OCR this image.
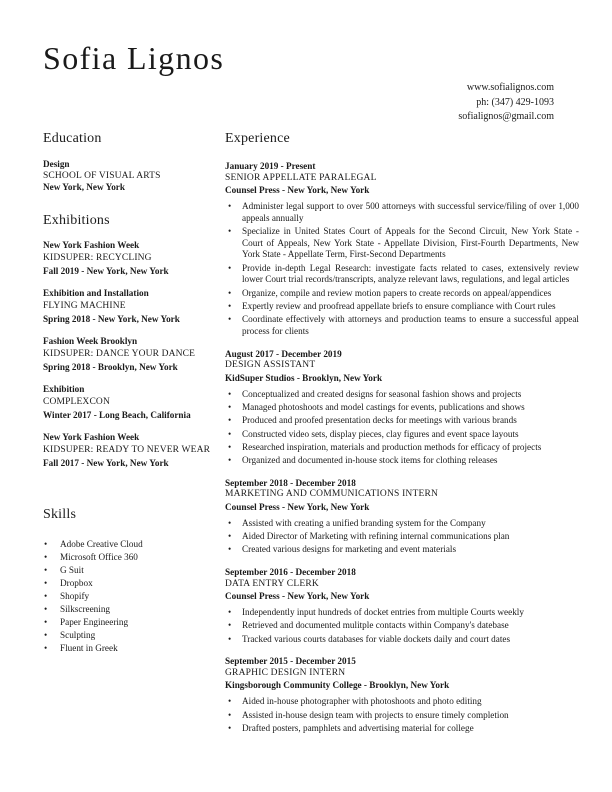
Sofia Lignos
www.sofialignos.com
ph: (347) 429-1093
sofialignos@gmail.com
Education
Design
SCHOOL OF VISUAL ARTS
New York, New York
Exhibitions
New York Fashion Week
KIDSUPER: RECYCLING
Fall 2019 - New York, New York
Exhibition and Installation
FLYING MACHINE
Spring 2018 - New York, New York
Fashion Week Brooklyn
KIDSUPER: DANCE YOUR DANCE
Spring 2018 - Brooklyn, New York
Exhibition
COMPLEXCON
Winter 2017 - Long Beach, California
New York Fashion Week
KIDSUPER: READY TO NEVER WEAR
Fall 2017 - New York, New York
Skills
• Adobe Creative Cloud
• Microsoft Office 360
• G Suit
• Dropbox
• Shopify
• Silkscreening
• Paper Engineering
• Sculpting
• Fluent in Greek
Experience
January 2019 - Present
SENIOR APPELLATE PARALEGAL
Counsel Press - New York, New York
• Administer legal support to over 500 attorneys with successful service/filing of over 1,000 appeals annually
• Specialize in United States Court of Appeals for the Second Circuit, New York State - Court of Appeals, New York State - Appellate Division, First-Fourth Departments, New York State - Appellate Term, First-Second Departments
• Provide in-depth Legal Research: investigate facts related to cases, extensively review lower Court trial records/transcripts, analyze relevant laws, regulations, and legal articles
• Organize, compile and review motion papers to create records on appeal/appendices
• Expertly review and proofread appellate briefs to ensure compliance with Court rules
• Coordinate effectively with attorneys and production teams to ensure a successful appeal process for clients
August 2017 - December 2019
DESIGN ASSISTANT
KidSuper Studios - Brooklyn, New York
• Conceptualized and created designs for seasonal fashion shows and projects
• Managed photoshoots and model castings for events, publications and shows
• Produced and proofed presentation decks for meetings with various brands
• Constructed video sets, display pieces, clay figures and event space layouts
• Researched inspiration, materials and production methods for efficacy of projects
• Organized and documented in-house stock items for clothing releases
September 2018 - December 2018
MARKETING AND COMMUNICATIONS INTERN
Counsel Press - New York, New York
• Assisted with creating a unified branding system for the Company
• Aided Director of Marketing with refining internal communications plan
• Created various designs for marketing and event materials
September 2016 - December 2018
DATA ENTRY CLERK
Counsel Press - New York, New York
• Independently input hundreds of docket entries from multiple Courts weekly
• Retrieved and documented mulitple contacts within Company's datebase
• Tracked various courts databases for viable dockets daily and court dates
September 2015 - December 2015
GRAPHIC DESIGN INTERN
Kingsborough Community College - Brooklyn, New York
• Aided in-house photographer with photoshoots and photo editing
• Assisted in-house design team with projects to ensure timely completion
• Drafted posters, pamphlets and advertising material for college
